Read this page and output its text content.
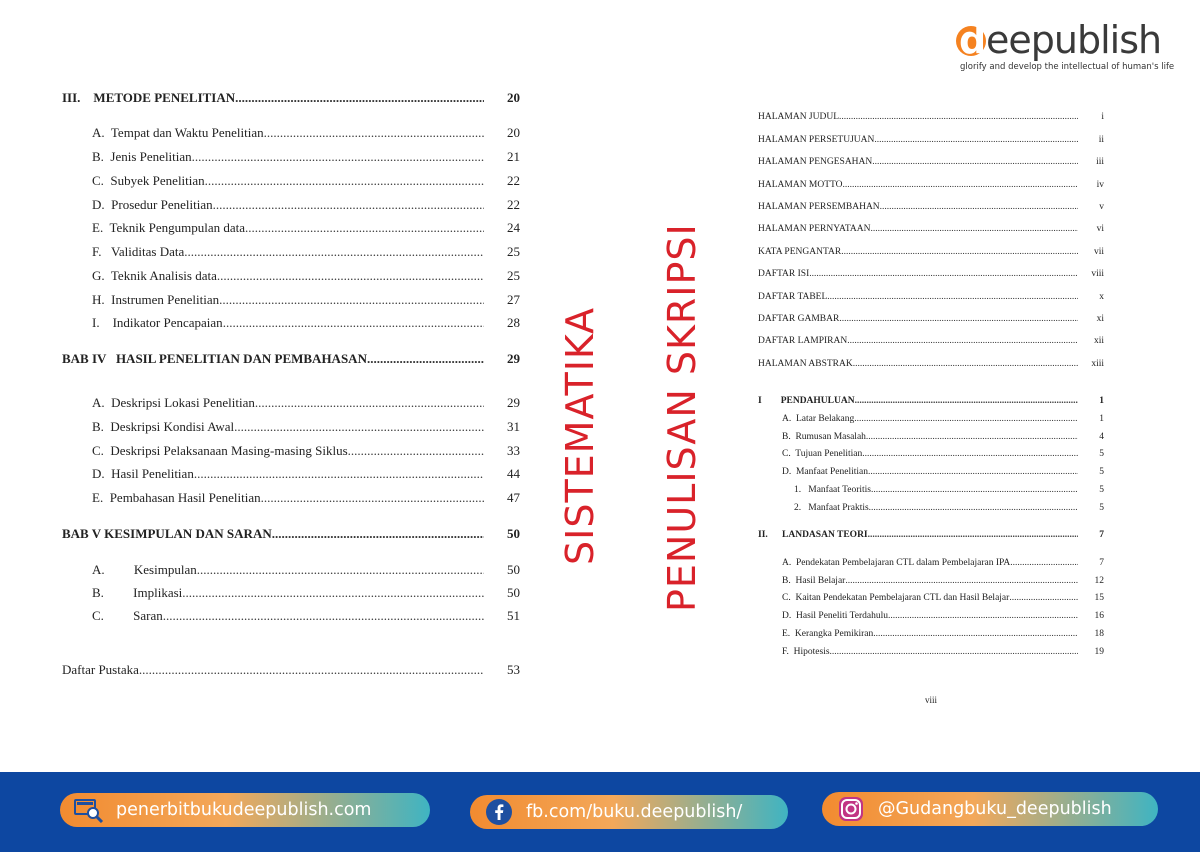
deepublish
glorify and develop the intellectual of human's life
III.    METODE PENELITIAN .....	20
A.  Tempat dan Waktu Penelitian .....	20
B.  Jenis Penelitian .....	21
C.  Subyek Penelitian .....	22
D.  Prosedur Penelitian .....	22
E.  Teknik Pengumpulan data .....	24
F.   Validitas Data .....	25
G.  Teknik Analisis data .....	25
H.  Instrumen Penelitian .....	27
I.    Indikator Pencapaian .....	28
BAB IV   HASIL PENELITIAN DAN PEMBAHASAN .....	29
A.  Deskripsi Lokasi Penelitian .....	29
B.  Deskripsi Kondisi Awal .....	31
C.  Deskripsi Pelaksanaan Masing-masing Siklus .....	33
D.  Hasil Penelitian .....	44
E.  Pembahasan Hasil Penelitian .....	47
BAB V KESIMPULAN DAN SARAN .....	50
A.         Kesimpulan .....	50
B.         Implikasi .....	50
C.         Saran .....	51
Daftar Pustaka .....	53
SISTEMATIKA PENULISAN SKRIPSI
HALAMAN JUDUL .....	i
HALAMAN PERSETUJUAN .....	ii
HALAMAN PENGESAHAN .....	iii
HALAMAN MOTTO .....	iv
HALAMAN PERSEMBAHAN .....	v
HALAMAN PERNYATAAN .....	vi
KATA PENGANTAR .....	vii
DAFTAR ISI .....	viii
DAFTAR TABEL .....	x
DAFTAR GAMBAR .....	xi
DAFTAR LAMPIRAN .....	xii
HALAMAN ABSTRAK .....	xiii
I        PENDAHULUAN .....	1
A.  Latar Belakang .....	1
B.  Rumusan Masalah .....	4
C.  Tujuan Penelitian .....	5
D.  Manfaat Penelitian .....	5
1.   Manfaat Teoritis .....	5
2.   Manfaat Praktis .....	5
II.      LANDASAN TEORI .....	7
A.  Pendekatan Pembelajaran CTL dalam Pembelajaran IPA .....	7
B.  Hasil Belajar .....	12
C.  Kaitan Pendekatan Pembelajaran CTL dan Hasil Belajar .....	15
D.  Hasil Peneliti Terdahulu .....	16
E.  Kerangka Pemikiran .....	18
F.  Hipotesis .....	19
viii
penerbitbukudeepublish.com	fb.com/buku.deepublish/	@Gudangbuku_deepublish
